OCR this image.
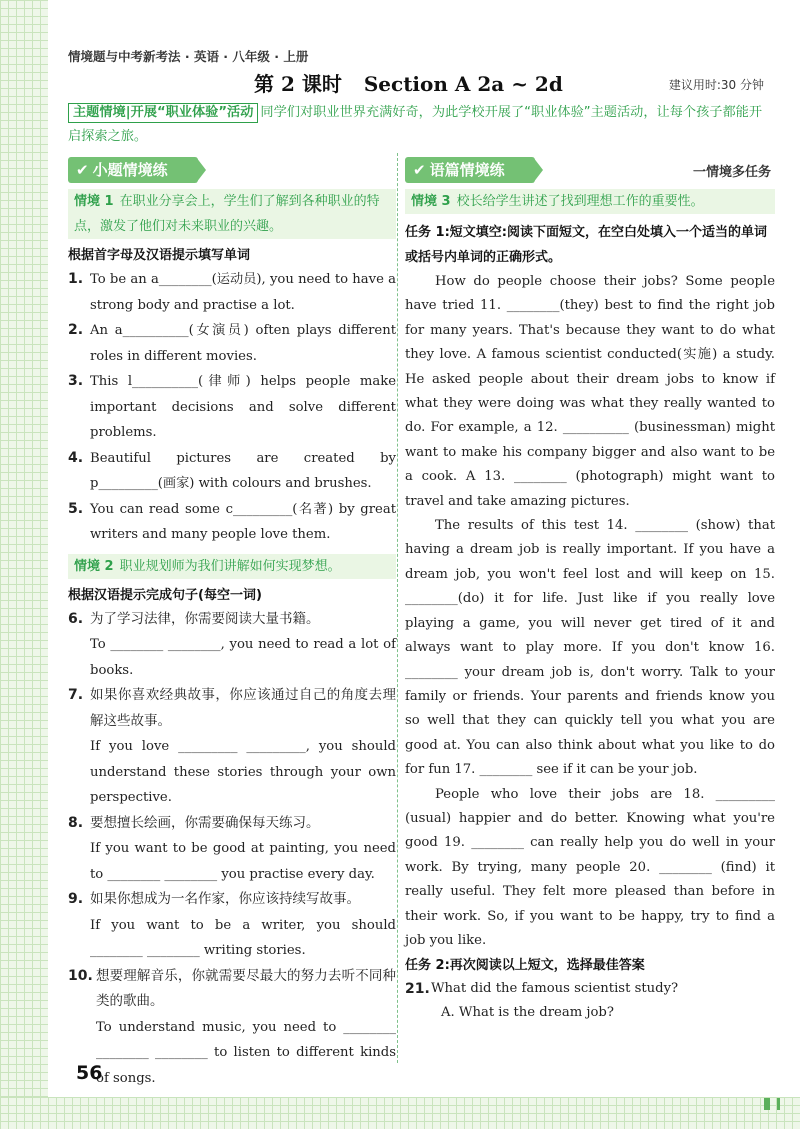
情境题与中考新考法 · 英语 · 八年级 · 上册
第 2 课时 Section A 2a ~ 2d	建议用时:30 分钟
主题情境|开展“职业体验”活动 同学们对职业世界充满好奇，为此学校开展了“职业体验”主题活动，让每个孩子都能开启探索之旅。
✔ 小题情境练
情境 1 在职业分享会上，学生们了解到各种职业的特点，激发了他们对未来职业的兴趣。
根据首字母及汉语提示填写单词
1. To be an a________(运动员), you need to have a strong body and practise a lot.
2. An a__________(女演员) often plays different roles in different movies.
3. This l__________(律师) helps people make important decisions and solve different problems.
4. Beautiful pictures are created by p_________(画家) with colours and brushes.
5. You can read some c_________(名著) by great writers and many people love them.
情境 2 职业规划师为我们讲解如何实现梦想。
根据汉语提示完成句子(每空一词)
6. 为了学习法律，你需要阅读大量书籍。
To ________ ________, you need to read a lot of books.
7. 如果你喜欢经典故事，你应该通过自己的角度去理解这些故事。
If you love _________ _________, you should understand these stories through your own perspective.
8. 要想擅长绘画，你需要确保每天练习。
If you want to be good at painting, you need to ________ ________ you practise every day.
9. 如果你想成为一名作家，你应该持续写故事。
If you want to be a writer, you should ________ ________ writing stories.
10. 想要理解音乐，你就需要尽最大的努力去听不同种类的歌曲。
To understand music, you need to ________ ________ ________ to listen to different kinds of songs.
✔ 语篇情境练	一情境多任务
情境 3 校长给学生讲述了找到理想工作的重要性。
任务 1:短文填空:阅读下面短文，在空白处填入一个适当的单词或括号内单词的正确形式。

How do people choose their jobs? Some people have tried 11. ________(they) best to find the right job for many years. That's because they want to do what they love. A famous scientist conducted(实施) a study. He asked people about their dream jobs to know if what they were doing was what they really wanted to do. For example, a 12. __________ (businessman) might want to make his company bigger and also want to be a cook. A 13. ________ (photograph) might want to travel and take amazing pictures.

The results of this test 14. ________ (show) that having a dream job is really important. If you have a dream job, you won't feel lost and will keep on 15. ________(do) it for life. Just like if you really love playing a game, you will never get tired of it and always want to play more. If you don't know 16. ________ your dream job is, don't worry. Talk to your family or friends. Your parents and friends know you so well that they can quickly tell you what you are good at. You can also think about what you like to do for fun 17. ________ see if it can be your job.

People who love their jobs are 18. _________ (usual) happier and do better. Knowing what you're good 19. ________ can really help you do well in your work. By trying, many people 20. ________ (find) it really useful. They felt more pleased than before in their work. So, if you want to be happy, try to find a job you like.

任务 2:再次阅读以上短文，选择最佳答案
21. What did the famous scientist study?
A. What is the dream job?
56
